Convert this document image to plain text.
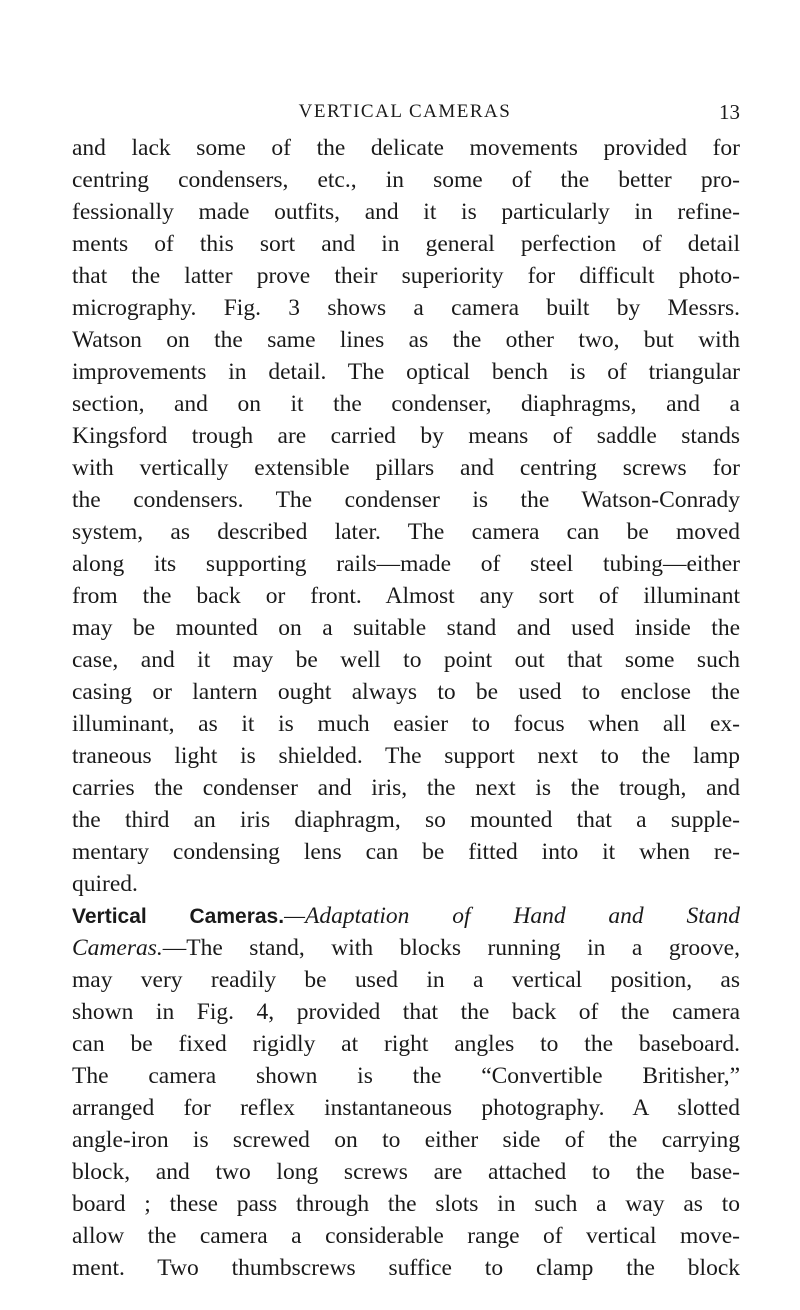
VERTICAL CAMERAS	13
and lack some of the delicate movements provided for
centring condensers, etc., in some of the better pro-
fessionally made outfits, and it is particularly in refine-
ments of this sort and in general perfection of detail
that the latter prove their superiority for difficult photo-
micrography. Fig. 3 shows a camera built by Messrs.
Watson on the same lines as the other two, but with
improvements in detail. The optical bench is of triangular
section, and on it the condenser, diaphragms, and a
Kingsford trough are carried by means of saddle stands
with vertically extensible pillars and centring screws for
the condensers. The condenser is the Watson-Conrady
system, as described later. The camera can be moved
along its supporting rails—made of steel tubing—either
from the back or front. Almost any sort of illuminant
may be mounted on a suitable stand and used inside the
case, and it may be well to point out that some such
casing or lantern ought always to be used to enclose the
illuminant, as it is much easier to focus when all ex-
traneous light is shielded. The support next to the lamp
carries the condenser and iris, the next is the trough, and
the third an iris diaphragm, so mounted that a supple-
mentary condensing lens can be fitted into it when re-
quired.
Vertical Cameras.—Adaptation of Hand and Stand
Cameras.—The stand, with blocks running in a groove,
may very readily be used in a vertical position, as
shown in Fig. 4, provided that the back of the camera
can be fixed rigidly at right angles to the baseboard.
The camera shown is the “Convertible Britisher,”
arranged for reflex instantaneous photography. A slotted
angle-iron is screwed on to either side of the carrying
block, and two long screws are attached to the base-
board ; these pass through the slots in such a way as to
allow the camera a considerable range of vertical move-
ment. Two thumbscrews suffice to clamp the block
